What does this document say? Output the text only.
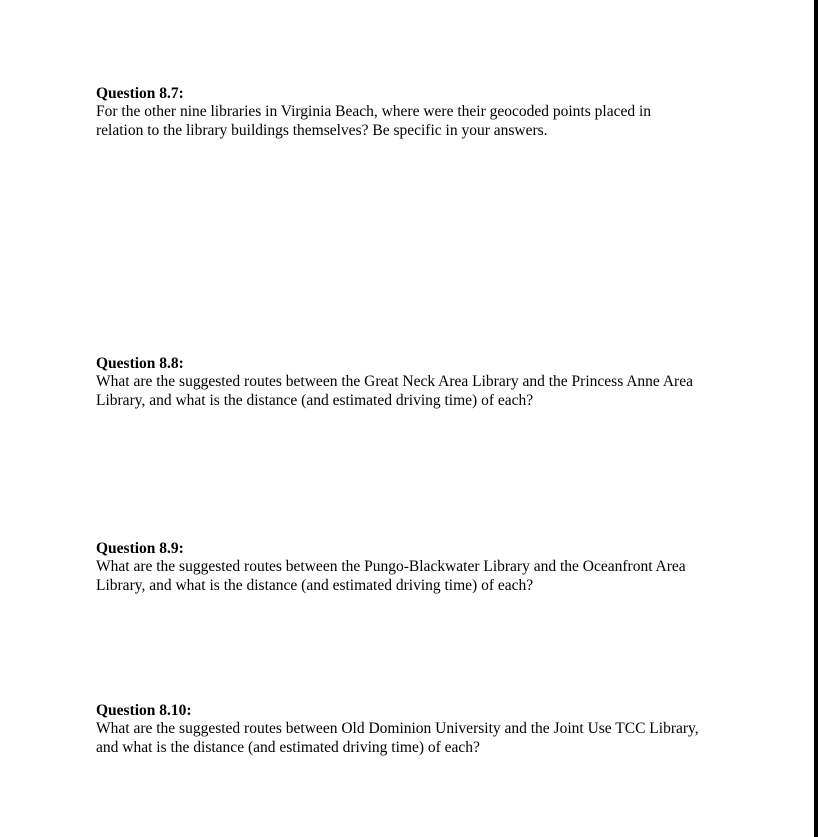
Question 8.7:

For the other nine libraries in Virginia Beach, where were their geocoded points placed in

relation to the library buildings themselves? Be specific in your answers.

Question 8.8:

What are the suggested routes between the Great Neck Area Library and the Princess Anne Area

Library, and what is the distance (and estimated driving time) of each?

Question 8.9:

What are the suggested routes between the Pungo-Blackwater Library and the Oceanfront Area

Library, and what is the distance (and estimated driving time) of each?

Question 8.10:

What are the suggested routes between Old Dominion University and the Joint Use TCC Library,

and what is the distance (and estimated driving time) of each?
